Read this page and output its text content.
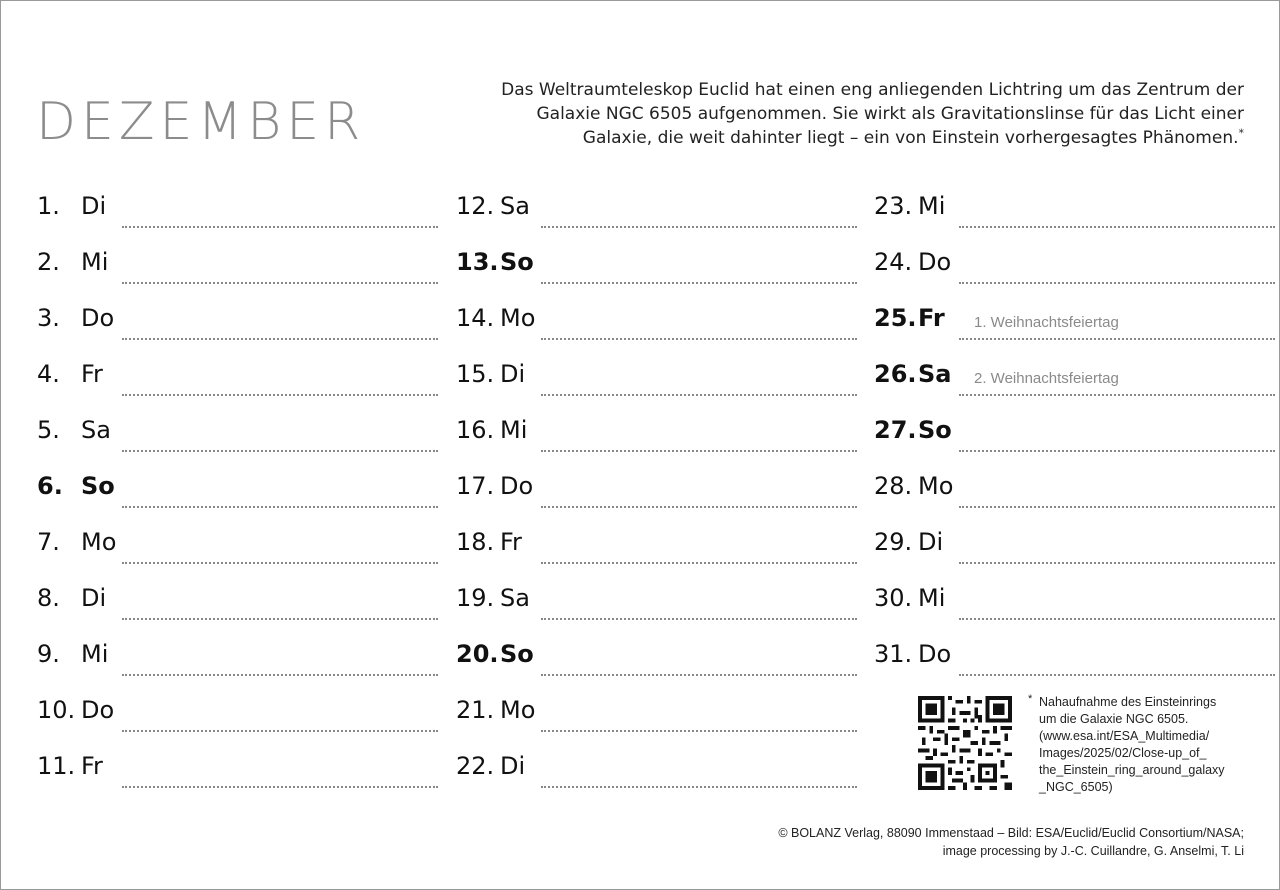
DEZEMBER
Das Weltraumteleskop Euclid hat einen eng anliegenden Lichtring um das Zentrum der Galaxie NGC 6505 aufgenommen. Sie wirkt als Gravitationslinse für das Licht einer Galaxie, die weit dahinter liegt – ein von Einstein vorhergesagtes Phänomen.*
1. Di
2. Mi
3. Do
4. Fr
5. Sa
6. So
7. Mo
8. Di
9. Mi
10. Do
11. Fr
12. Sa
13. So
14. Mo
15. Di
16. Mi
17. Do
18. Fr
19. Sa
20. So
21. Mo
22. Di
23. Mi
24. Do
25. Fr 1. Weihnachtsfeiertag
26. Sa 2. Weihnachtsfeiertag
27. So
28. Mo
29. Di
30. Mi
31. Do
* Nahaufnahme des Einsteinrings
um die Galaxie NGC 6505.
(www.esa.int/ESA_Multimedia/
Images/2025/02/Close-up_of_
the_Einstein_ring_around_galaxy
_NGC_6505)
© BOLANZ Verlag, 88090 Immenstaad – Bild: ESA/Euclid/Euclid Consortium/NASA;
image processing by J.-C. Cuillandre, G. Anselmi, T. Li
